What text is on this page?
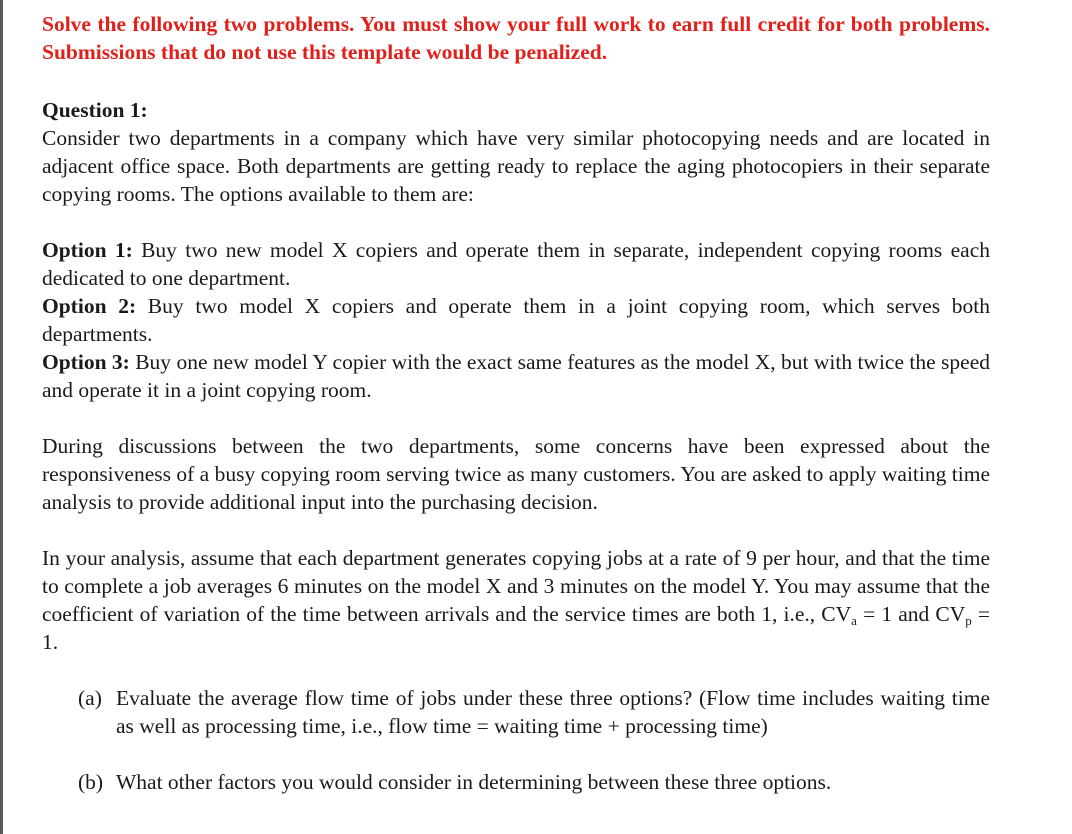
Solve the following two problems. You must show your full work to earn full credit for both problems. Submissions that do not use this template would be penalized.

Question 1:

Consider two departments in a company which have very similar photocopying needs and are located in adjacent office space. Both departments are getting ready to replace the aging photocopiers in their separate copying rooms. The options available to them are:

Option 1: Buy two new model X copiers and operate them in separate, independent copying rooms each dedicated to one department.

Option 2: Buy two model X copiers and operate them in a joint copying room, which serves both departments.

Option 3: Buy one new model Y copier with the exact same features as the model X, but with twice the speed and operate it in a joint copying room.

During discussions between the two departments, some concerns have been expressed about the responsiveness of a busy copying room serving twice as many customers. You are asked to apply waiting time analysis to provide additional input into the purchasing decision.

In your analysis, assume that each department generates copying jobs at a rate of 9 per hour, and that the time to complete a job averages 6 minutes on the model X and 3 minutes on the model Y. You may assume that the coefficient of variation of the time between arrivals and the service times are both 1, i.e., $CV_a = 1$ and $CV_p = 1$.

(a) Evaluate the average flow time of jobs under these three options? (Flow time includes waiting time as well as processing time, i.e., flow time = waiting time + processing time)

(b) What other factors you would consider in determining between these three options.
